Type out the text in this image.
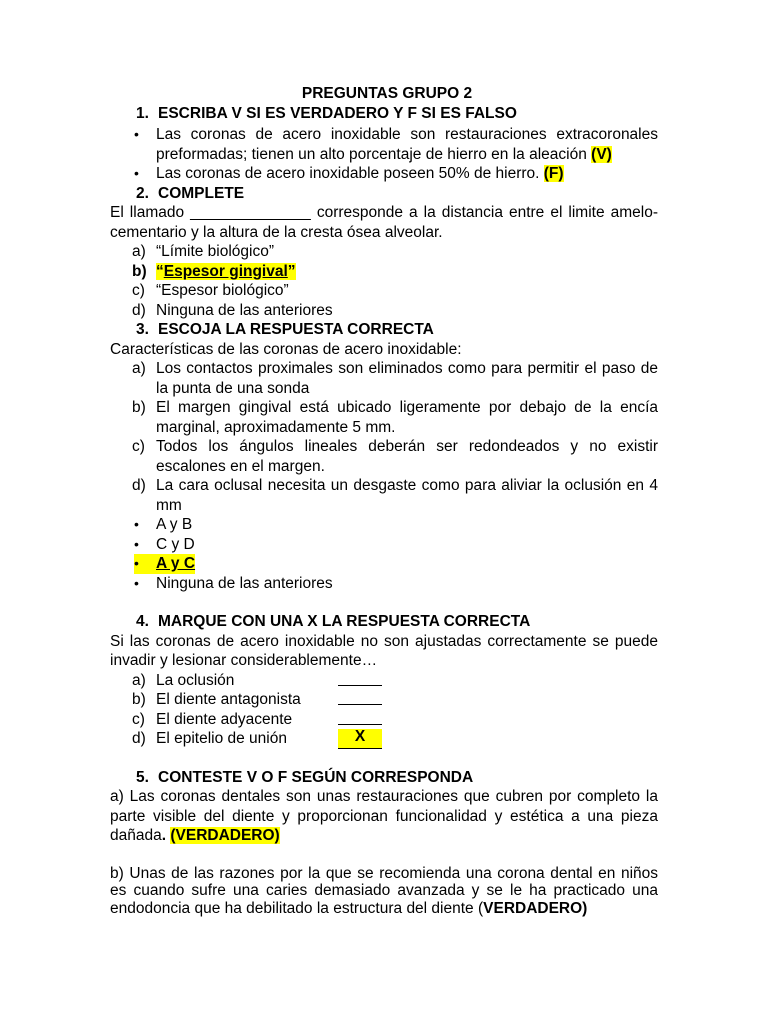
PREGUNTAS GRUPO 2
1. ESCRIBA V SI ES VERDADERO Y F SI ES FALSO
•	Las coronas de acero inoxidable son restauraciones extracoronales preformadas; tienen un alto porcentaje de hierro en la aleación (V)
•	Las coronas de acero inoxidable poseen 50% de hierro. (F)
2. COMPLETE
El llamado ______________ corresponde a la distancia entre el limite amelo-cementario y la altura de la cresta ósea alveolar.
a) “Límite biológico”
b) “Espesor gingival”
c) “Espesor biológico”
d) Ninguna de las anteriores
3. ESCOJA LA RESPUESTA CORRECTA
Características de las coronas de acero inoxidable:
a) Los contactos proximales son eliminados como para permitir el paso de la punta de una sonda
b) El margen gingival está ubicado ligeramente por debajo de la encía marginal, aproximadamente 5 mm.
c) Todos los ángulos lineales deberán ser redondeados y no existir escalones en el margen.
d) La cara oclusal necesita un desgaste como para aliviar la oclusión en 4 mm
•	A y B
•	C y D
•	A y C
•	Ninguna de las anteriores
4. MARQUE CON UNA X LA RESPUESTA CORRECTA
Si las coronas de acero inoxidable no son ajustadas correctamente se puede invadir y lesionar considerablemente…
a) La oclusión
b) El diente antagonista
c) El diente adyacente
d) El epitelio de unión	X
5. CONTESTE V O F SEGÚN CORRESPONDA
a) Las coronas dentales son unas restauraciones que cubren por completo la parte visible del diente y proporcionan funcionalidad y estética a una pieza dañada. (VERDADERO)
b) Unas de las razones por la que se recomienda una corona dental en niños es cuando sufre una caries demasiado avanzada y se le ha practicado una endodoncia que ha debilitado la estructura del diente (VERDADERO)
